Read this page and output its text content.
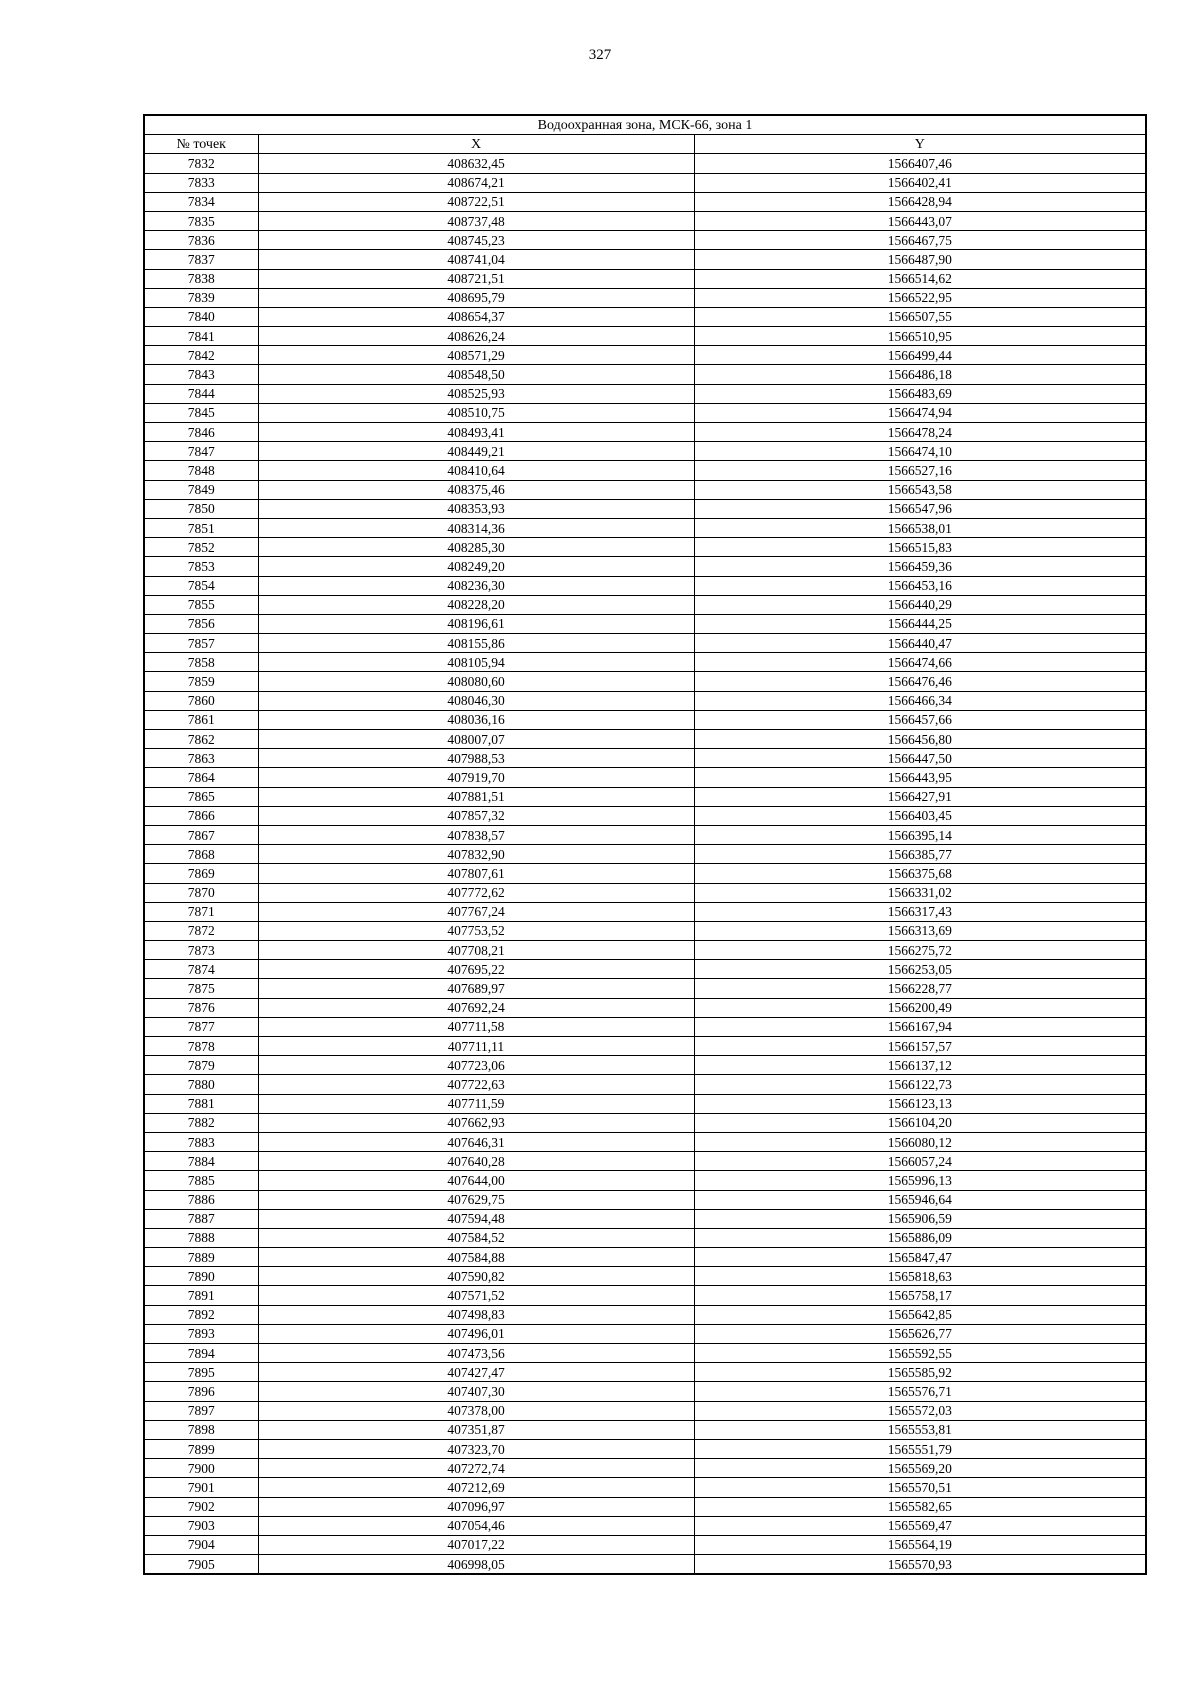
327
Водоохранная зона, МСК-66, зона 1		
№ точек	X	Y
7832	408632,45	1566407,46
7833	408674,21	1566402,41
7834	408722,51	1566428,94
7835	408737,48	1566443,07
7836	408745,23	1566467,75
7837	408741,04	1566487,90
7838	408721,51	1566514,62
7839	408695,79	1566522,95
7840	408654,37	1566507,55
7841	408626,24	1566510,95
7842	408571,29	1566499,44
7843	408548,50	1566486,18
7844	408525,93	1566483,69
7845	408510,75	1566474,94
7846	408493,41	1566478,24
7847	408449,21	1566474,10
7848	408410,64	1566527,16
7849	408375,46	1566543,58
7850	408353,93	1566547,96
7851	408314,36	1566538,01
7852	408285,30	1566515,83
7853	408249,20	1566459,36
7854	408236,30	1566453,16
7855	408228,20	1566440,29
7856	408196,61	1566444,25
7857	408155,86	1566440,47
7858	408105,94	1566474,66
7859	408080,60	1566476,46
7860	408046,30	1566466,34
7861	408036,16	1566457,66
7862	408007,07	1566456,80
7863	407988,53	1566447,50
7864	407919,70	1566443,95
7865	407881,51	1566427,91
7866	407857,32	1566403,45
7867	407838,57	1566395,14
7868	407832,90	1566385,77
7869	407807,61	1566375,68
7870	407772,62	1566331,02
7871	407767,24	1566317,43
7872	407753,52	1566313,69
7873	407708,21	1566275,72
7874	407695,22	1566253,05
7875	407689,97	1566228,77
7876	407692,24	1566200,49
7877	407711,58	1566167,94
7878	407711,11	1566157,57
7879	407723,06	1566137,12
7880	407722,63	1566122,73
7881	407711,59	1566123,13
7882	407662,93	1566104,20
7883	407646,31	1566080,12
7884	407640,28	1566057,24
7885	407644,00	1565996,13
7886	407629,75	1565946,64
7887	407594,48	1565906,59
7888	407584,52	1565886,09
7889	407584,88	1565847,47
7890	407590,82	1565818,63
7891	407571,52	1565758,17
7892	407498,83	1565642,85
7893	407496,01	1565626,77
7894	407473,56	1565592,55
7895	407427,47	1565585,92
7896	407407,30	1565576,71
7897	407378,00	1565572,03
7898	407351,87	1565553,81
7899	407323,70	1565551,79
7900	407272,74	1565569,20
7901	407212,69	1565570,51
7902	407096,97	1565582,65
7903	407054,46	1565569,47
7904	407017,22	1565564,19
7905	406998,05	1565570,93
